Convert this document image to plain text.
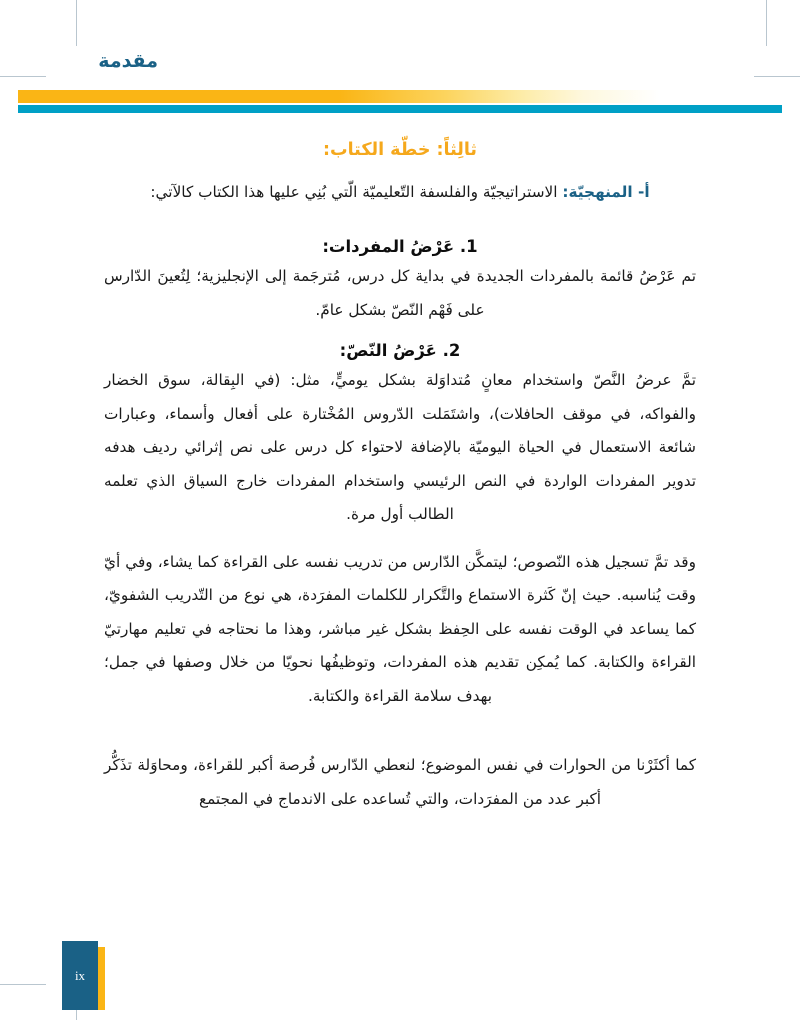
مقدمة
ثالِثاً: خطّة الكتاب:

أ- المنهجيّة: الاستراتيجيّة والفلسفة التّعليميّة الّتي بُنِي عليها هذا الكتاب كالآتي:

1. عَرْضُ المفردات:

تم عَرْضُ قائمة بالمفردات الجديدة في بداية كل درس، مُترجَمة إلى الإنجليزية؛ لِتُعينَ الدّارس على فَهْم النّصّ بشكل عامّ.

2. عَرْضُ النّصّ:

تمَّ عرضُ النَّصّ واستخدام معانٍ مُتداوَلة بشكل يوميٍّ، مثل: (في البِقالة، سوق الخضار والفواكه، في موقف الحافلات)، واشتَمَلت الدّروس المُخْتارة على أفعال وأسماء، وعبارات شائعة الاستعمال في الحياة اليوميّة بالإضافة لاحتواء كل درس على نص إثرائي رديف هدفه تدوير المفردات الواردة في النص الرئيسي واستخدام المفردات خارج السياق الذي تعلمه الطالب أول مرة.

وقد تمَّ تسجيل هذه النّصوص؛ ليتمكَّن الدّارس من تدريب نفسه على القراءة كما يشاء، وفي أيّ وقت يُناسبه. حيث إنّ كَثرة الاستماع والتَّكرار للكلمات المفرَدة، هي نوع من التّدريب الشفويّ، كما يساعد في الوقت نفسه على الحِفظ بشكل غير مباشر، وهذا ما نحتاجه في تعليم مهارتيّ القراءة والكتابة. كما يُمكِن تقديم هذه المفردات، وتوظيفُها نحويّا من خلال وصفها في جمل؛ بهدف سلامة القراءة والكتابة.

كما أكثَرْنا من الحوارات في نفس الموضوع؛ لنعطي الدّارس فُرصة أكبر للقراءة، ومحاوَلة تذَكُّر أكبر عدد من المفرَدات، والتي تُساعده على الاندماج في المجتمع

ix
